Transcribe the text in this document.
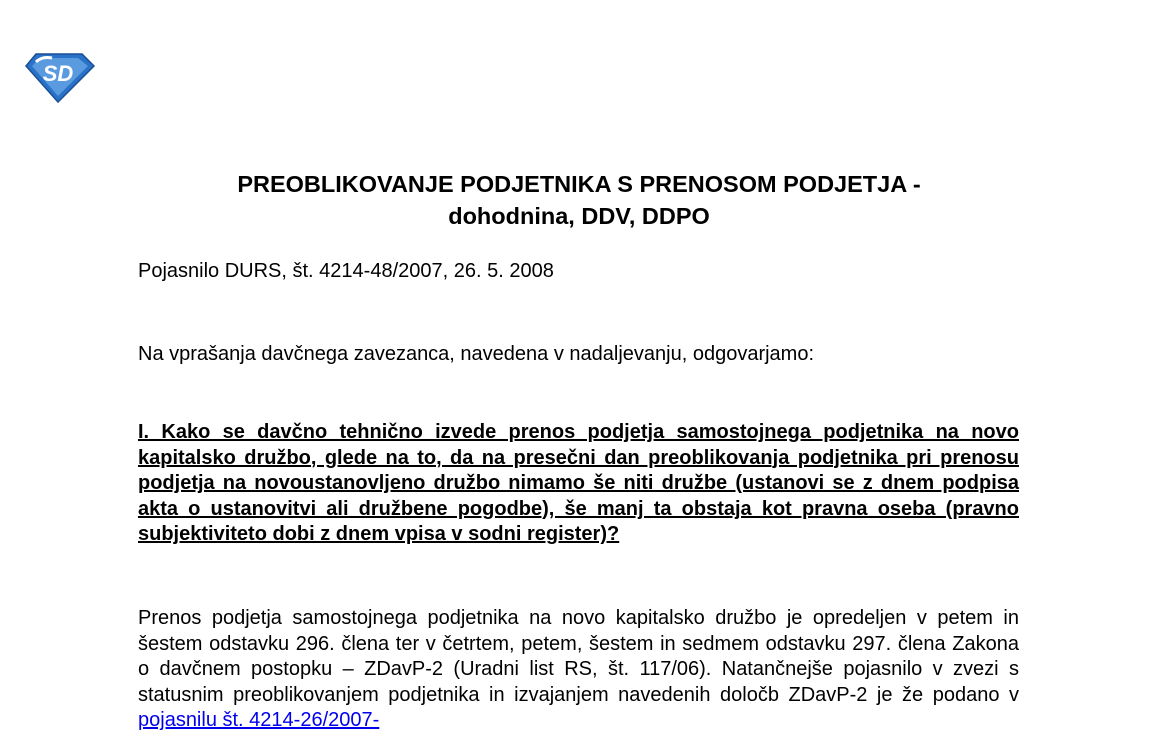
SD
PREOBLIKOVANJE PODJETNIKA S PRENOSOM PODJETJA -
dohodnina, DDV, DDPO
Pojasnilo DURS, št. 4214-48/2007, 26. 5. 2008
Na vprašanja davčnega zavezanca, navedena v nadaljevanju, odgovarjamo:
I. Kako se davčno tehnično izvede prenos podjetja samostojnega podjetnika na novo kapitalsko družbo, glede na to, da na presečni dan preoblikovanja podjetnika pri prenosu podjetja na novoustanovljeno družbo nimamo še niti družbe (ustanovi se z dnem podpisa akta o ustanovitvi ali družbene pogodbe), še manj ta obstaja kot pravna oseba (pravno subjektiviteto dobi z dnem vpisa v sodni register)?
Prenos podjetja samostojnega podjetnika na novo kapitalsko družbo je opredeljen v petem in šestem odstavku 296. člena ter v četrtem, petem, šestem in sedmem odstavku 297. člena Zakona o davčnem postopku – ZDavP-2 (Uradni list RS, št. 117/06). Natančnejše pojasnilo v zvezi s statusnim preoblikovanjem podjetnika in izvajanjem navedenih določb ZDavP-2 je že podano v pojasnilu št. 4214-26/2007-
